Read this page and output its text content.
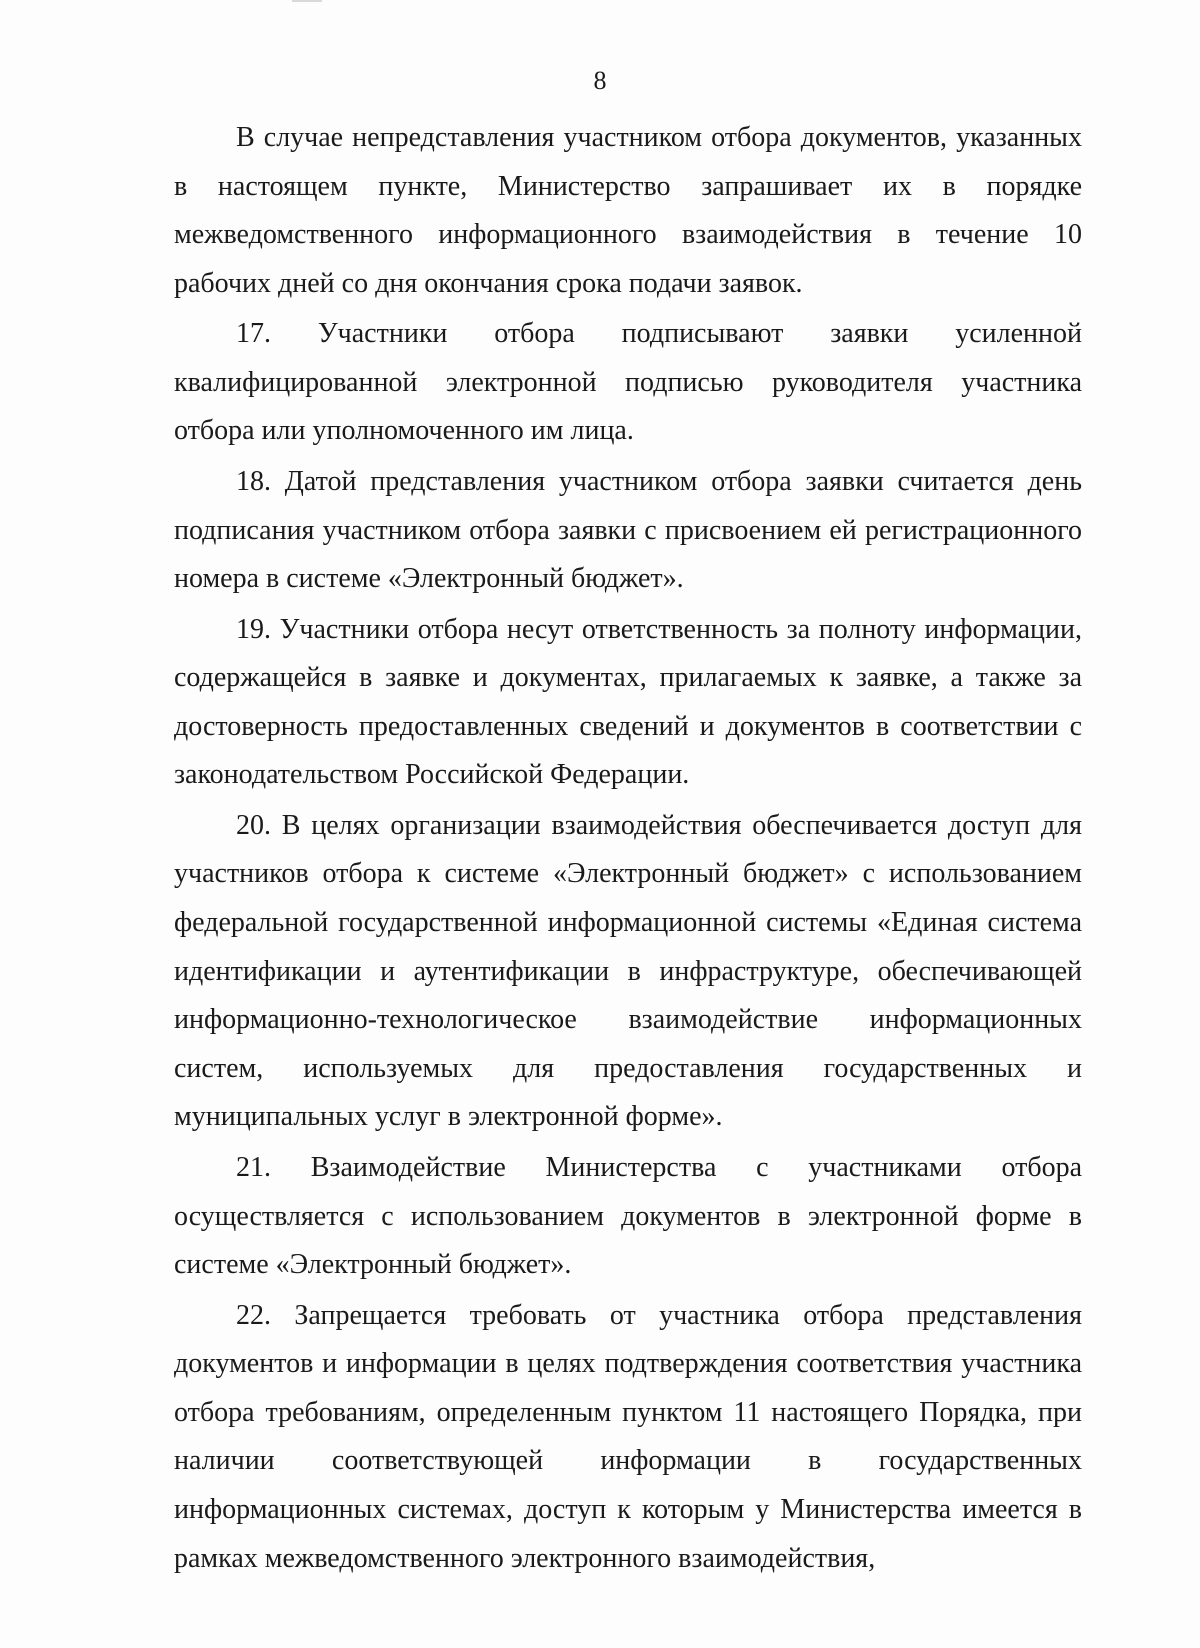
8

В случае непредставления участником отбора документов, указанных в настоящем пункте, Министерство запрашивает их в порядке межведомственного информационного взаимодействия в течение 10 рабочих дней со дня окончания срока подачи заявок.

17. Участники отбора подписывают заявки усиленной квалифицированной электронной подписью руководителя участника отбора или уполномоченного им лица.

18. Датой представления участником отбора заявки считается день подписания участником отбора заявки с присвоением ей регистрационного номера в системе «Электронный бюджет».

19. Участники отбора несут ответственность за полноту информации, содержащейся в заявке и документах, прилагаемых к заявке, а также за достоверность предоставленных сведений и документов в соответствии с законодательством Российской Федерации.

20. В целях организации взаимодействия обеспечивается доступ для участников отбора к системе «Электронный бюджет» с использованием федеральной государственной информационной системы «Единая система идентификации и аутентификации в инфраструктуре, обеспечивающей информационно-технологическое взаимодействие информационных систем, используемых для предоставления государственных и муниципальных услуг в электронной форме».

21. Взаимодействие Министерства с участниками отбора осуществляется с использованием документов в электронной форме в системе «Электронный бюджет».

22. Запрещается требовать от участника отбора представления документов и информации в целях подтверждения соответствия участника отбора требованиям, определенным пунктом 11 настоящего Порядка, при наличии соответствующей информации в государственных информационных системах, доступ к которым у Министерства имеется в рамках межведомственного электронного взаимодействия,
